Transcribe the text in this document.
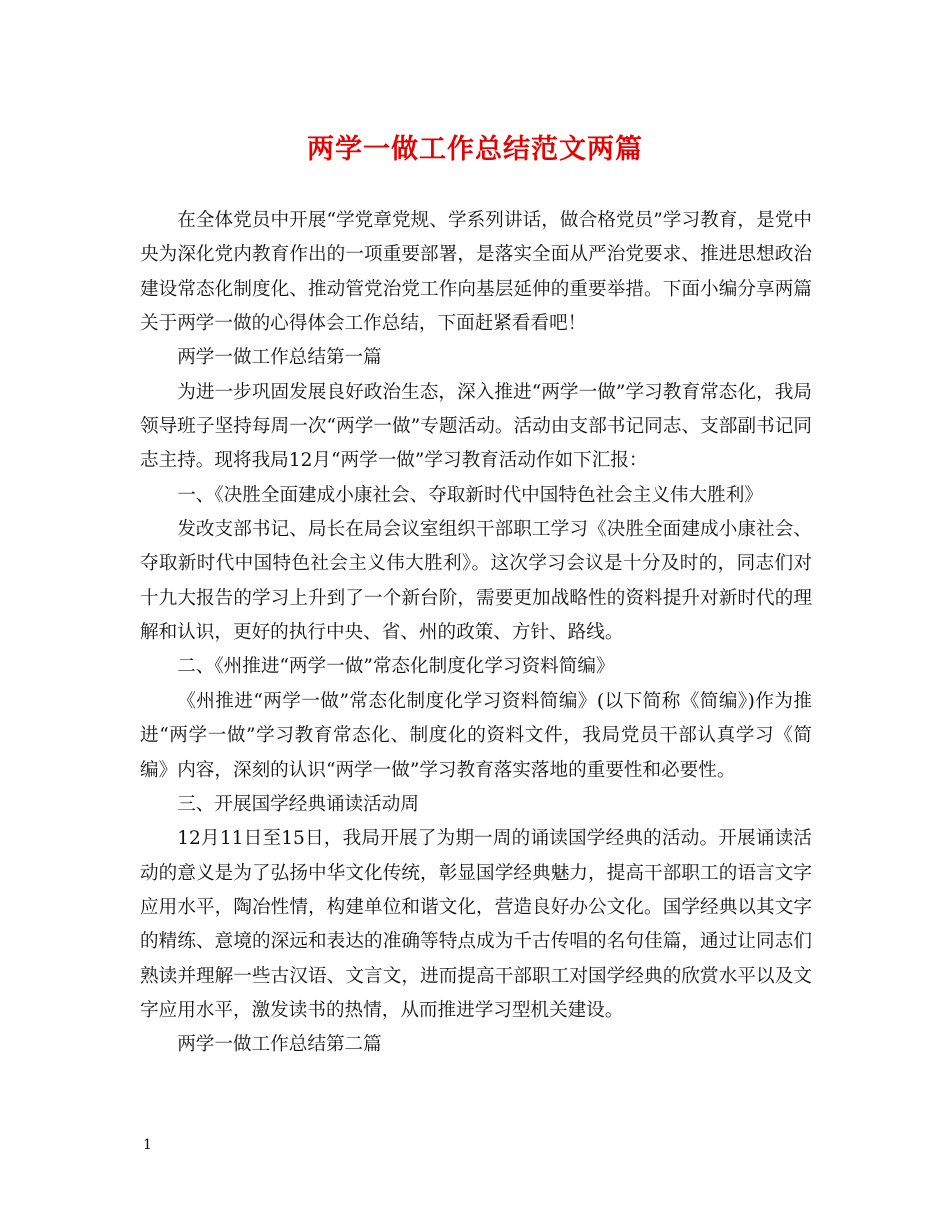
两学一做工作总结范文两篇

在全体党员中开展“学党章党规、学系列讲话，做合格党员”学习教育，是党中央为深化党内教育作出的一项重要部署，是落实全面从严治党要求、推进思想政治建设常态化制度化、推动管党治党工作向基层延伸的重要举措。下面小编分享两篇关于两学一做的心得体会工作总结，下面赶紧看看吧！

两学一做工作总结第一篇

为进一步巩固发展良好政治生态，深入推进“两学一做”学习教育常态化，我局领导班子坚持每周一次“两学一做”专题活动。活动由支部书记同志、支部副书记同志主持。现将我局12月“两学一做”学习教育活动作如下汇报：

一、《决胜全面建成小康社会、夺取新时代中国特色社会主义伟大胜利》

发改支部书记、局长在局会议室组织干部职工学习《决胜全面建成小康社会、夺取新时代中国特色社会主义伟大胜利》。这次学习会议是十分及时的，同志们对十九大报告的学习上升到了一个新台阶，需要更加战略性的资料提升对新时代的理解和认识，更好的执行中央、省、州的政策、方针、路线。

二、《州推进“两学一做”常态化制度化学习资料简编》

《州推进“两学一做”常态化制度化学习资料简编》(以下简称《简编》)作为推进“两学一做”学习教育常态化、制度化的资料文件，我局党员干部认真学习《简编》内容，深刻的认识“两学一做”学习教育落实落地的重要性和必要性。

三、开展国学经典诵读活动周

12月11日至15日，我局开展了为期一周的诵读国学经典的活动。开展诵读活动的意义是为了弘扬中华文化传统，彰显国学经典魅力，提高干部职工的语言文字应用水平，陶冶性情，构建单位和谐文化，营造良好办公文化。国学经典以其文字的精练、意境的深远和表达的准确等特点成为千古传唱的名句佳篇，通过让同志们熟读并理解一些古汉语、文言文，进而提高干部职工对国学经典的欣赏水平以及文字应用水平，激发读书的热情，从而推进学习型机关建设。

两学一做工作总结第二篇

1
